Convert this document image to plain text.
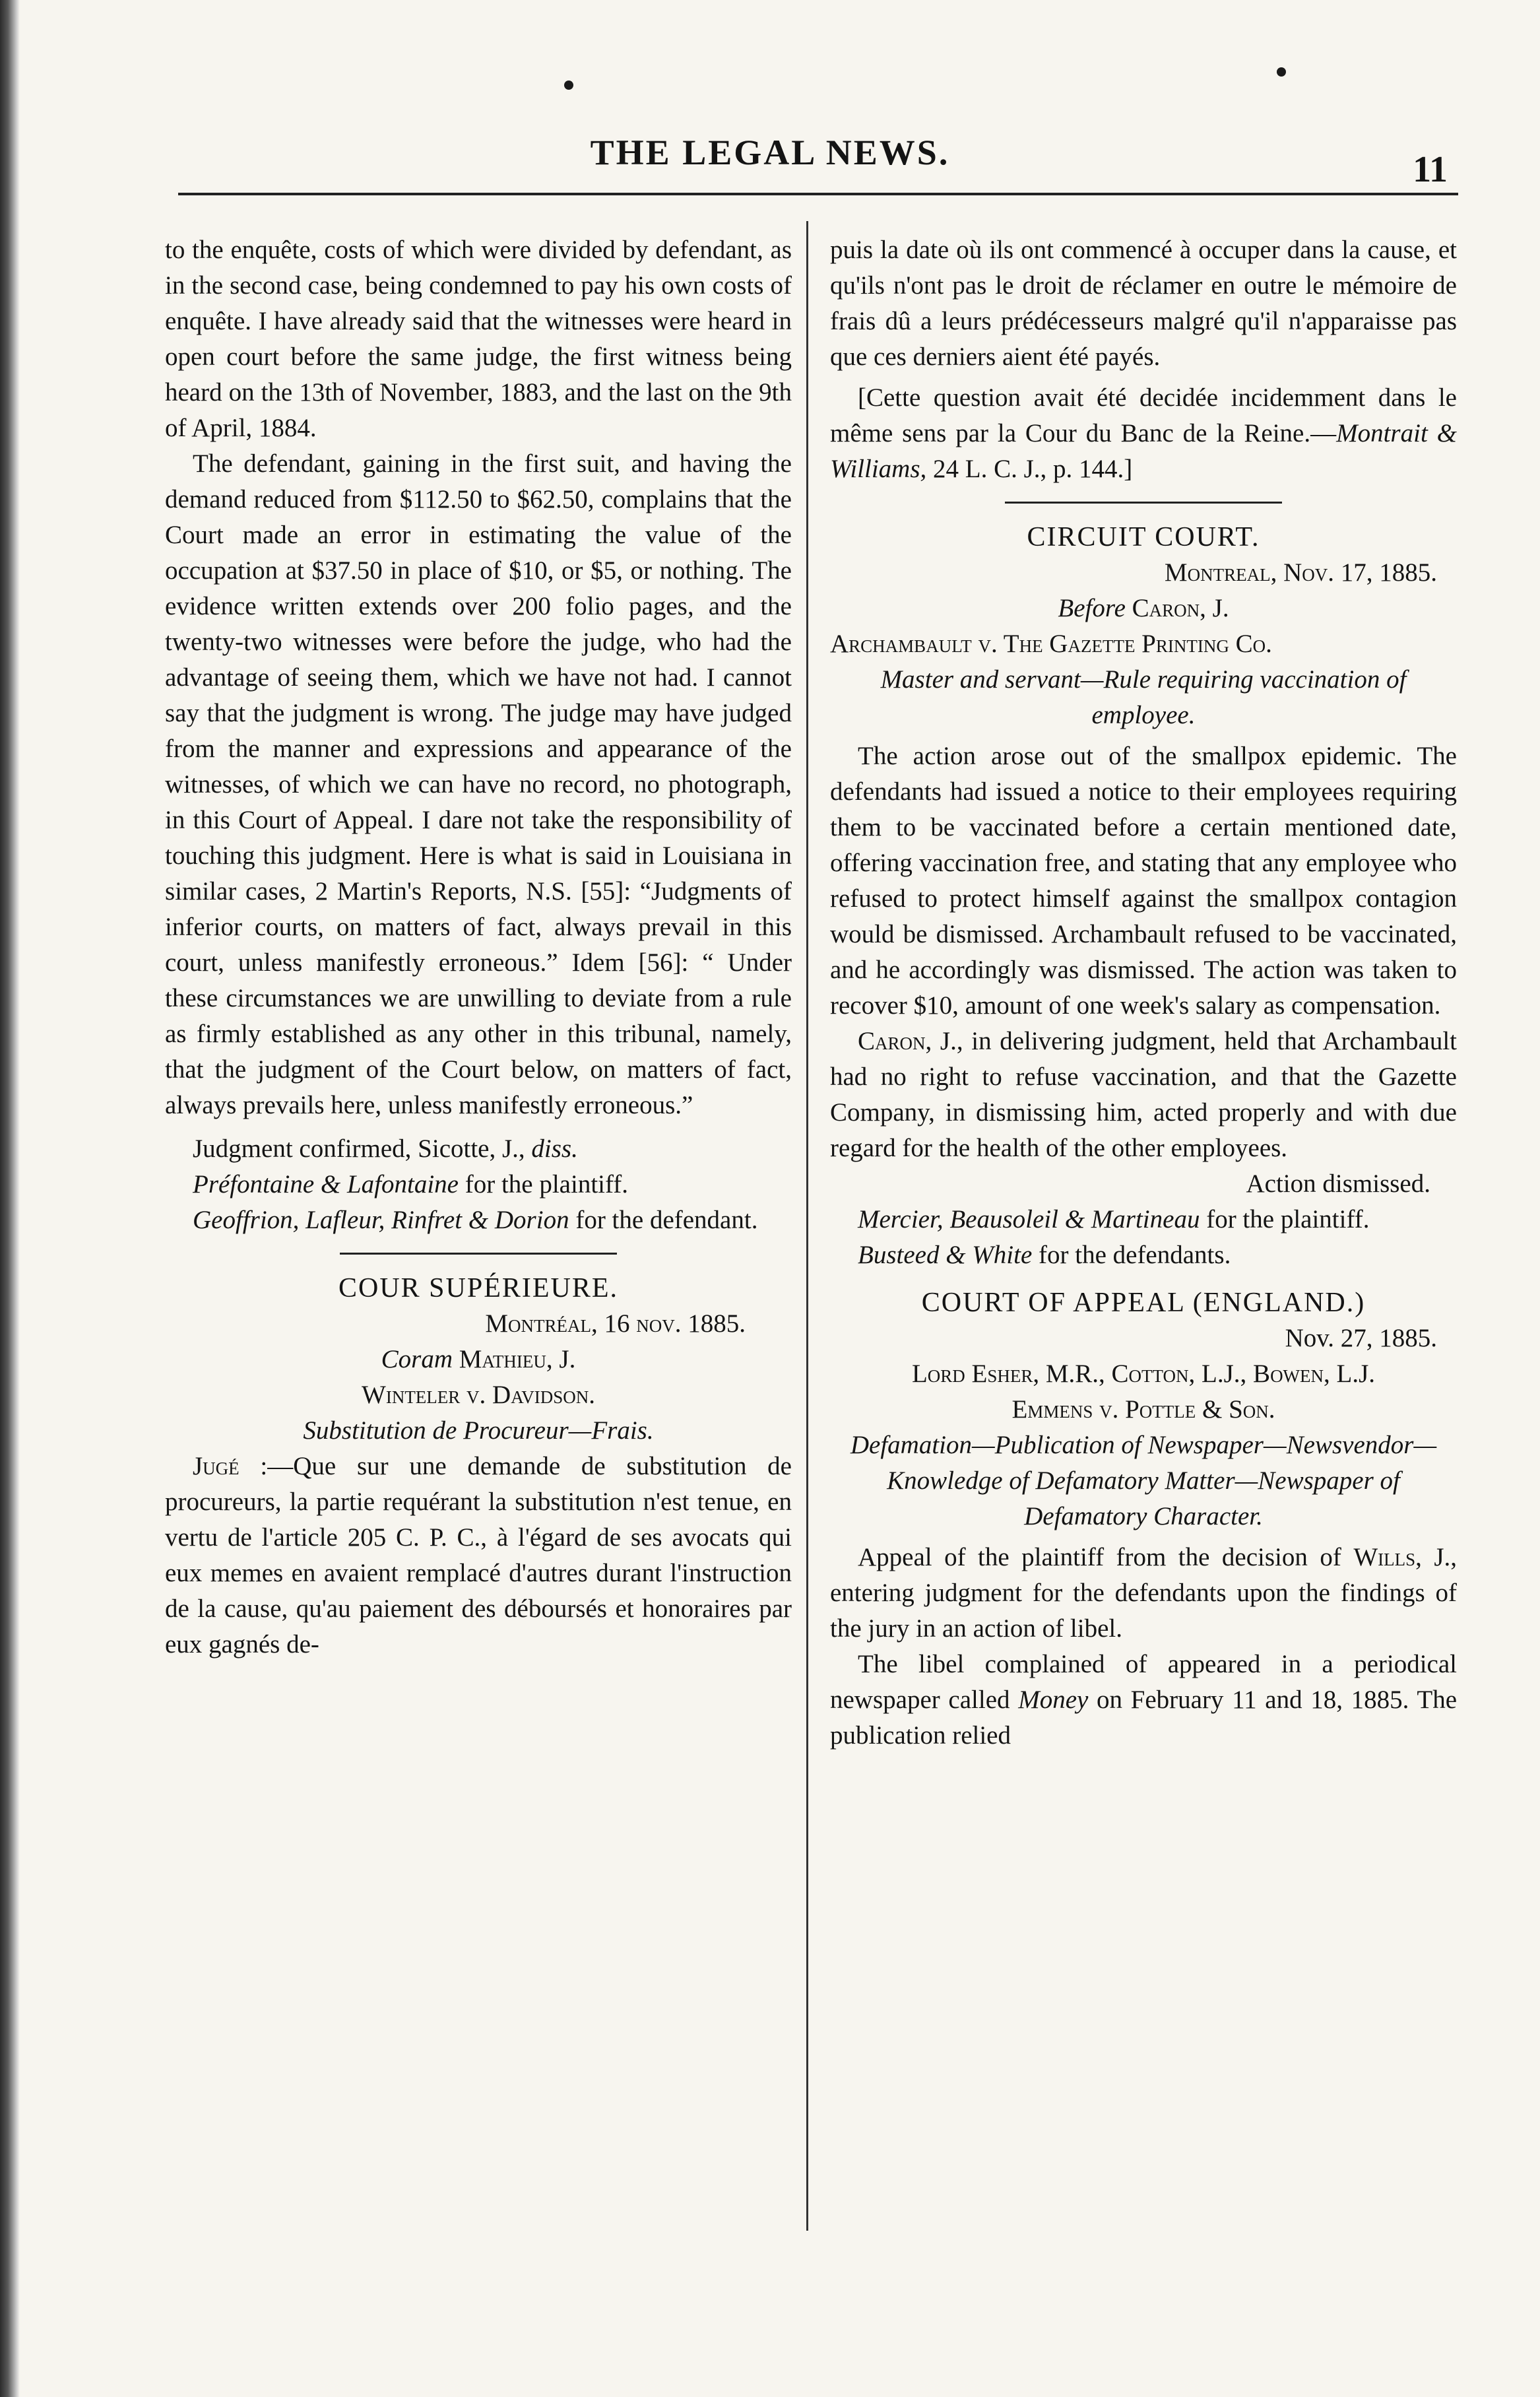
THE LEGAL NEWS.	11

to the enquête, costs of which were divided by defendant, as in the second case, being condemned to pay his own costs of enquête. I have already said that the witnesses were heard in open court before the same judge, the first witness being heard on the 13th of November, 1883, and the last on the 9th of April, 1884.

The defendant, gaining in the first suit, and having the demand reduced from $112.50 to $62.50, complains that the Court made an error in estimating the value of the occupation at $37.50 in place of $10, or $5, or nothing. The evidence written extends over 200 folio pages, and the twenty-two witnesses were before the judge, who had the advantage of seeing them, which we have not had. I cannot say that the judgment is wrong. The judge may have judged from the manner and expressions and appearance of the witnesses, of which we can have no record, no photograph, in this Court of Appeal. I dare not take the responsibility of touching this judgment. Here is what is said in Louisiana in similar cases, 2 Martin's Reports, N.S. [55]: “Judgments of inferior courts, on matters of fact, always prevail in this court, unless manifestly erroneous.” Idem [56]: “ Under these circumstances we are unwilling to deviate from a rule as firmly established as any other in this tribunal, namely, that the judgment of the Court below, on matters of fact, always prevails here, unless manifestly erroneous.”

Judgment confirmed, Sicotte, J., diss.

Préfontaine & Lafontaine for the plaintiff.

Geoffrion, Lafleur, Rinfret & Dorion for the defendant.

COUR SUPÉRIEURE.

Montréal, 16 nov. 1885.

Coram Mathieu, J.

Winteler v. Davidson.

Substitution de Procureur—Frais.

Jugé :—Que sur une demande de substitution de procureurs, la partie requérant la substitution n'est tenue, en vertu de l'article 205 C. P. C., à l'égard de ses avocats qui eux memes en avaient remplacé d'autres durant l'instruction de la cause, qu'au paiement des déboursés et honoraires par eux gagnés de-

puis la date où ils ont commencé à occuper dans la cause, et qu'ils n'ont pas le droit de réclamer en outre le mémoire de frais dû a leurs prédécesseurs malgré qu'il n'apparaisse pas que ces derniers aient été payés.

[Cette question avait été decidée incidemment dans le même sens par la Cour du Banc de la Reine.—Montrait & Williams, 24 L. C. J., p. 144.]

CIRCUIT COURT.

Montreal, Nov. 17, 1885.

Before Caron, J.

Archambault v. The Gazette Printing Co.

Master and servant—Rule requiring vaccination of employee.

The action arose out of the smallpox epidemic. The defendants had issued a notice to their employees requiring them to be vaccinated before a certain mentioned date, offering vaccination free, and stating that any employee who refused to protect himself against the smallpox contagion would be dismissed. Archambault refused to be vaccinated, and he accordingly was dismissed. The action was taken to recover $10, amount of one week's salary as compensation.

Caron, J., in delivering judgment, held that Archambault had no right to refuse vaccination, and that the Gazette Company, in dismissing him, acted properly and with due regard for the health of the other employees.

Action dismissed.

Mercier, Beausoleil & Martineau for the plaintiff.

Busteed & White for the defendants.

COURT OF APPEAL (ENGLAND.)

Nov. 27, 1885.

Lord Esher, M.R., Cotton, L.J., Bowen, L.J.

Emmens v. Pottle & Son.

Defamation—Publication of Newspaper—Newsvendor—Knowledge of Defamatory Matter—Newspaper of Defamatory Character.

Appeal of the plaintiff from the decision of Wills, J., entering judgment for the defendants upon the findings of the jury in an action of libel.

The libel complained of appeared in a periodical newspaper called Money on February 11 and 18, 1885. The publication relied
